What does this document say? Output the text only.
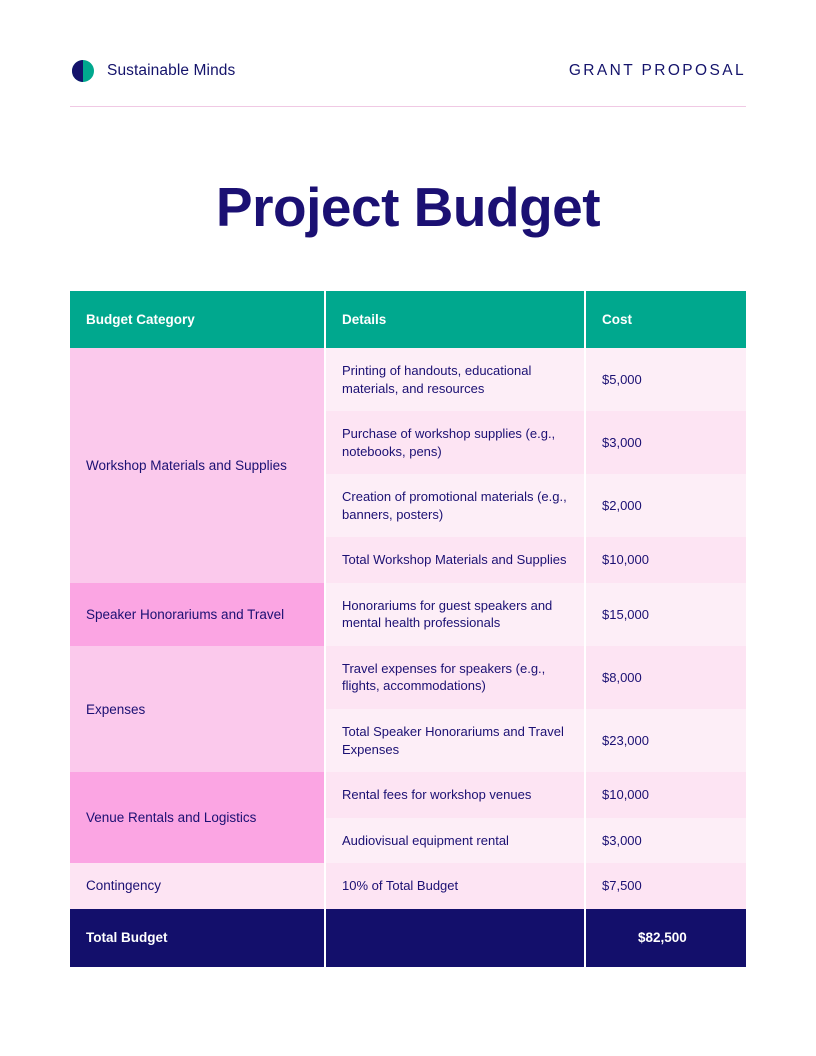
Sustainable Minds	GRANT PROPOSAL
Project Budget
Budget Category	Details	Cost
Workshop Materials and Supplies	Printing of handouts, educational materials, and resources	$5,000
	Purchase of workshop supplies (e.g., notebooks, pens)	$3,000
	Creation of promotional materials (e.g., banners, posters)	$2,000
	Total Workshop Materials and Supplies	$10,000
Speaker Honorariums and Travel	Honorariums for guest speakers and mental health professionals	$15,000
Expenses	Travel expenses for speakers (e.g., flights, accommodations)	$8,000
	Total Speaker Honorariums and Travel Expenses	$23,000
Venue Rentals and Logistics	Rental fees for workshop venues	$10,000
	Audiovisual equipment rental	$3,000
Contingency	10% of Total Budget	$7,500
Total Budget		$82,500
